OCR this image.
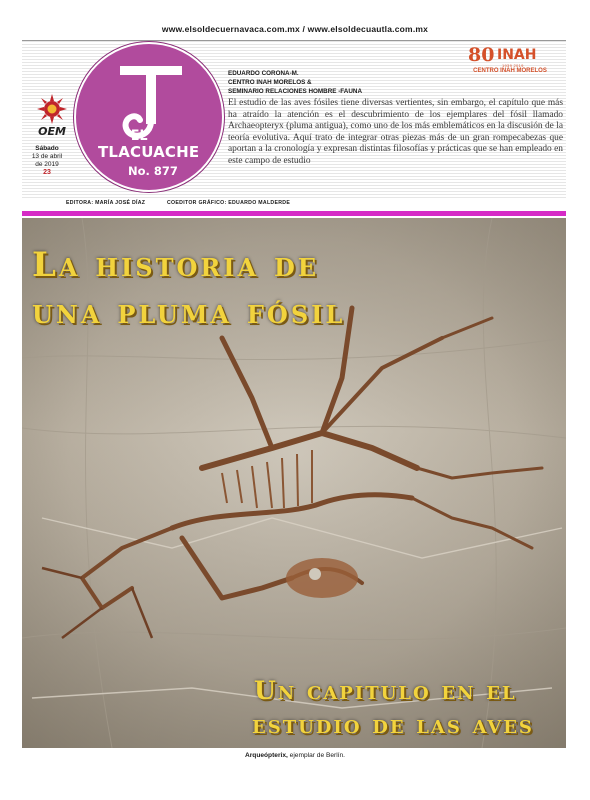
www.elsoldecuernavaca.com.mx / www.elsoldecuautla.com.mx
EL
TLACUACHE
No. 877
OEM
Sábado
13 de abril
de 2019
23
80 INAH
1939 2019
CENTRO INAH MORELOS
EDUARDO CORONA-M.
CENTRO INAH MORELOS &
SEMINARIO RELACIONES HOMBRE -FAUNA

El estudio de las aves fósiles tiene diversas vertientes, sin embargo, el capítulo que más ha atraído la atención es el descubrimiento de los ejemplares del fósil llamado Archaeopteryx (pluma antigua), como uno de los más emblemáticos en la discusión de la teoría evolutiva. Aquí trato de integrar otras piezas más de un gran rompecabezas que aportan a la cronología y expresan distintas filosofías y prácticas que se han empleado en este campo de estudio

EDITORA: MARÍA JOSÉ DÍAZ	COEDITOR GRÁFICO: EDUARDO MALDERDE
La historia de
una pluma fósil
Un capitulo en el
estudio de las aves
Arqueópterix, ejemplar de Berlín.
